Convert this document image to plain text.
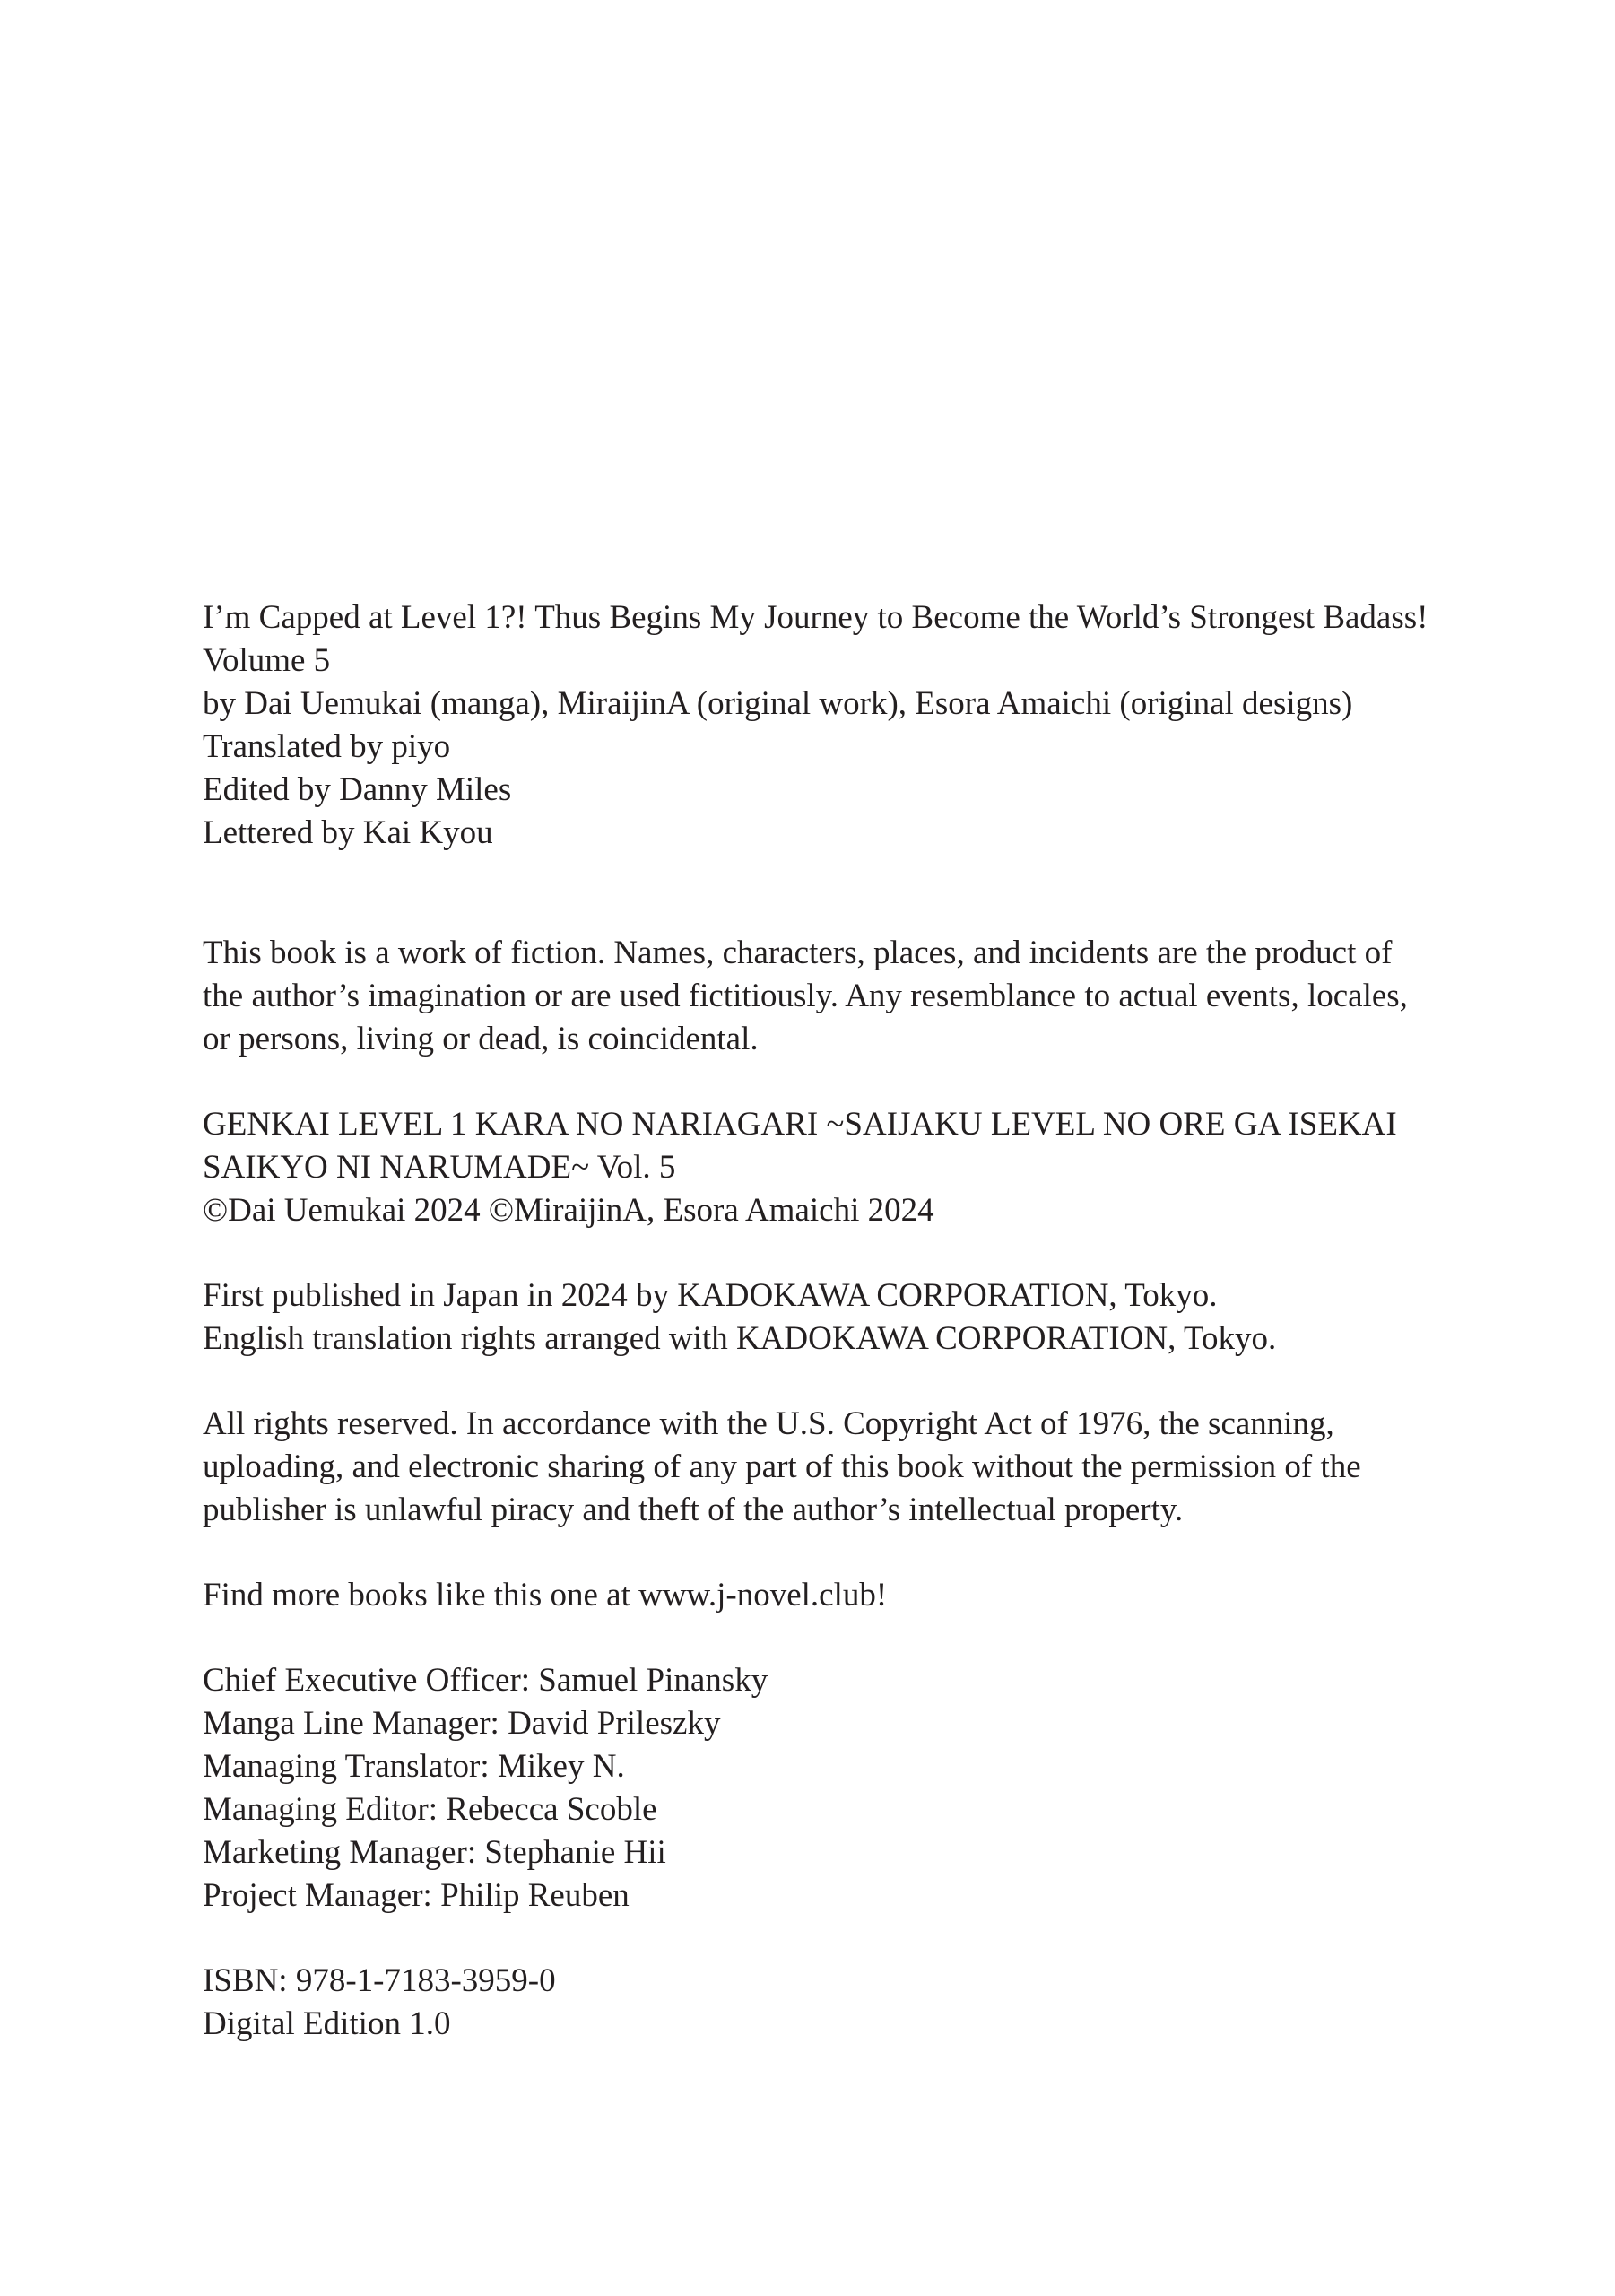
I’m Capped at Level 1?! Thus Begins My Journey to Become the World’s Strongest Badass!
Volume 5
by Dai Uemukai (manga), MiraijinA (original work), Esora Amaichi (original designs)
Translated by piyo
Edited by Danny Miles
Lettered by Kai Kyou
This book is a work of fiction. Names, characters, places, and incidents are the product of
the author’s imagination or are used fictitiously. Any resemblance to actual events, locales,
or persons, living or dead, is coincidental.
GENKAI LEVEL 1 KARA NO NARIAGARI ~SAIJAKU LEVEL NO ORE GA ISEKAI
SAIKYO NI NARUMADE~ Vol. 5
©Dai Uemukai 2024 ©MiraijinA, Esora Amaichi 2024
First published in Japan in 2024 by KADOKAWA CORPORATION, Tokyo.
English translation rights arranged with KADOKAWA CORPORATION, Tokyo.
All rights reserved. In accordance with the U.S. Copyright Act of 1976, the scanning,
uploading, and electronic sharing of any part of this book without the permission of the
publisher is unlawful piracy and theft of the author’s intellectual property.
Find more books like this one at www.j-novel.club!
Chief Executive Officer: Samuel Pinansky
Manga Line Manager: David Prileszky
Managing Translator: Mikey N.
Managing Editor: Rebecca Scoble
Marketing Manager: Stephanie Hii
Project Manager: Philip Reuben
ISBN: 978-1-7183-3959-0
Digital Edition 1.0
